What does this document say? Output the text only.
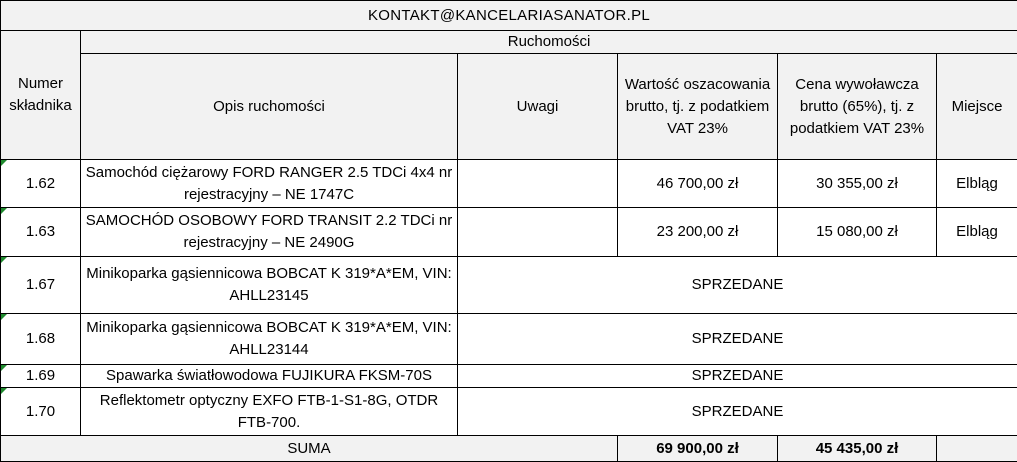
KONTAKT@KANCELARIASANATOR.PL					
Numer składnika	Ruchomości				
	Opis ruchomości	Uwagi	Wartość oszacowania brutto, tj. z podatkiem VAT 23%	Cena wywoławcza brutto (65%), tj. z podatkiem VAT 23%	Miejsce

1.62	Samochód ciężarowy FORD RANGER 2.5 TDCi 4x4 nr rejestracyjny – NE 1747C		46 700,00 zł	30 355,00 zł	Elbląg

1.63	SAMOCHÓD OSOBOWY FORD TRANSIT 2.2 TDCi nr rejestracyjny – NE 2490G		23 200,00 zł	15 080,00 zł	Elbląg

1.67	Minikoparka gąsiennicowa BOBCAT K 319*A*EM, VIN: AHLL23145	SPRZEDANE			

1.68	Minikoparka gąsiennicowa BOBCAT K 319*A*EM, VIN: AHLL23144	SPRZEDANE			

1.69	Spawarka światłowodowa FUJIKURA FKSM-70S	SPRZEDANE			

1.70	Reflektometr optyczny EXFO FTB-1-S1-8G, OTDR FTB-700.	SPRZEDANE			
SUMA			69 900,00 zł	45 435,00 zł	
